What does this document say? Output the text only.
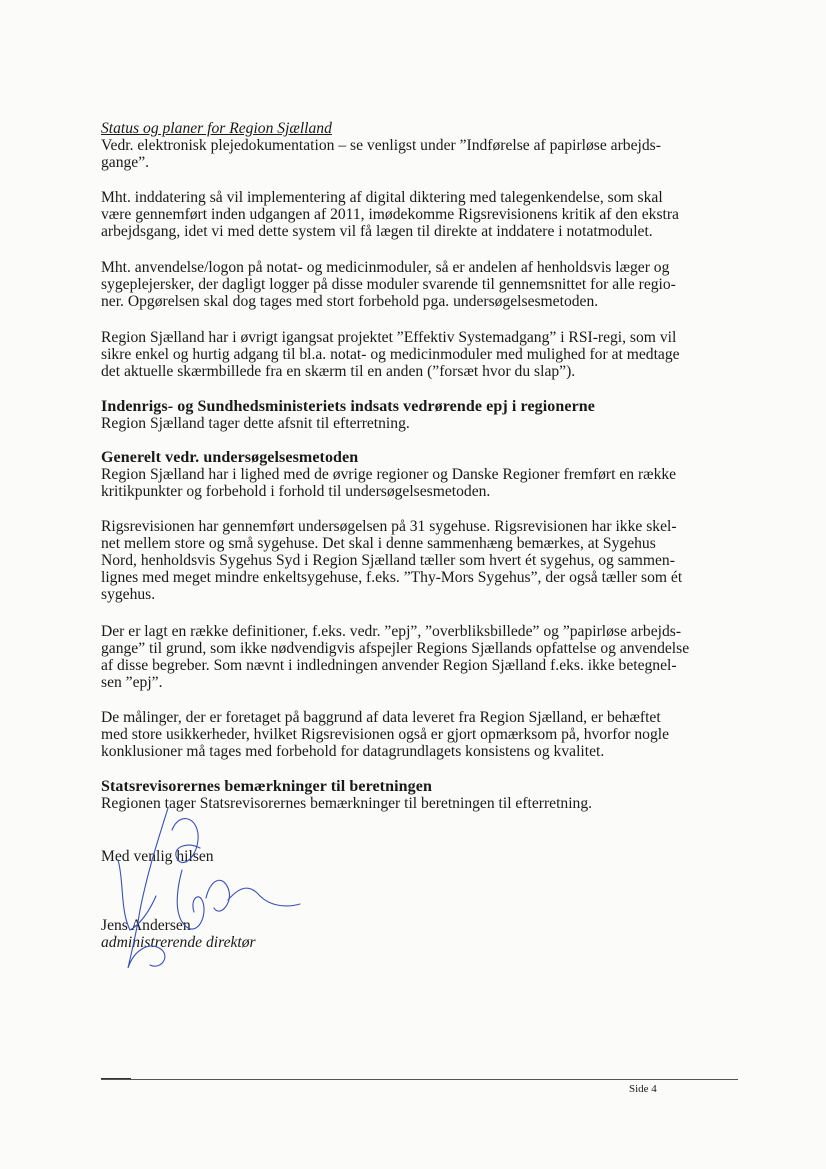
Status og planer for Region Sjælland
Vedr. elektronisk plejedokumentation – se venligst under ”Indførelse af papirløse arbejds-
gange”.
Mht. inddatering så vil implementering af digital diktering med talegenkendelse, som skal
være gennemført inden udgangen af 2011, imødekomme Rigsrevisionens kritik af den ekstra
arbejdsgang, idet vi med dette system vil få lægen til direkte at inddatere i notatmodulet.
Mht. anvendelse/logon på notat- og medicinmoduler, så er andelen af henholdsvis læger og
sygeplejersker, der dagligt logger på disse moduler svarende til gennemsnittet for alle regio-
ner. Opgørelsen skal dog tages med stort forbehold pga. undersøgelsesmetoden.
Region Sjælland har i øvrigt igangsat projektet ”Effektiv Systemadgang” i RSI-regi, som vil
sikre enkel og hurtig adgang til bl.a. notat- og medicinmoduler med mulighed for at medtage
det aktuelle skærmbillede fra en skærm til en anden (”forsæt hvor du slap”).
Indenrigs- og Sundhedsministeriets indsats vedrørende epj i regionerne
Region Sjælland tager dette afsnit til efterretning.
Generelt vedr. undersøgelsesmetoden
Region Sjælland har i lighed med de øvrige regioner og Danske Regioner fremført en række
kritikpunkter og forbehold i forhold til undersøgelsesmetoden.
Rigsrevisionen har gennemført undersøgelsen på 31 sygehuse. Rigsrevisionen har ikke skel-
net mellem store og små sygehuse. Det skal i denne sammenhæng bemærkes, at Sygehus
Nord, henholdsvis Sygehus Syd i Region Sjælland tæller som hvert ét sygehus, og sammen-
lignes med meget mindre enkeltsygehuse, f.eks. ”Thy-Mors Sygehus”, der også tæller som ét
sygehus.
Der er lagt en række definitioner, f.eks. vedr. ”epj”, ”overbliksbillede” og ”papirløse arbejds-
gange” til grund, som ikke nødvendigvis afspejler Regions Sjællands opfattelse og anvendelse
af disse begreber. Som nævnt i indledningen anvender Region Sjælland f.eks. ikke betegnel-
sen ”epj”.
De målinger, der er foretaget på baggrund af data leveret fra Region Sjælland, er behæftet
med store usikkerheder, hvilket Rigsrevisionen også er gjort opmærksom på, hvorfor nogle
konklusioner må tages med forbehold for datagrundlagets konsistens og kvalitet.
Statsrevisorernes bemærkninger til beretningen
Regionen tager Statsrevisorernes bemærkninger til beretningen til efterretning.
Med venlig hilsen
Jens Andersen
administrerende direktør
Side 4
